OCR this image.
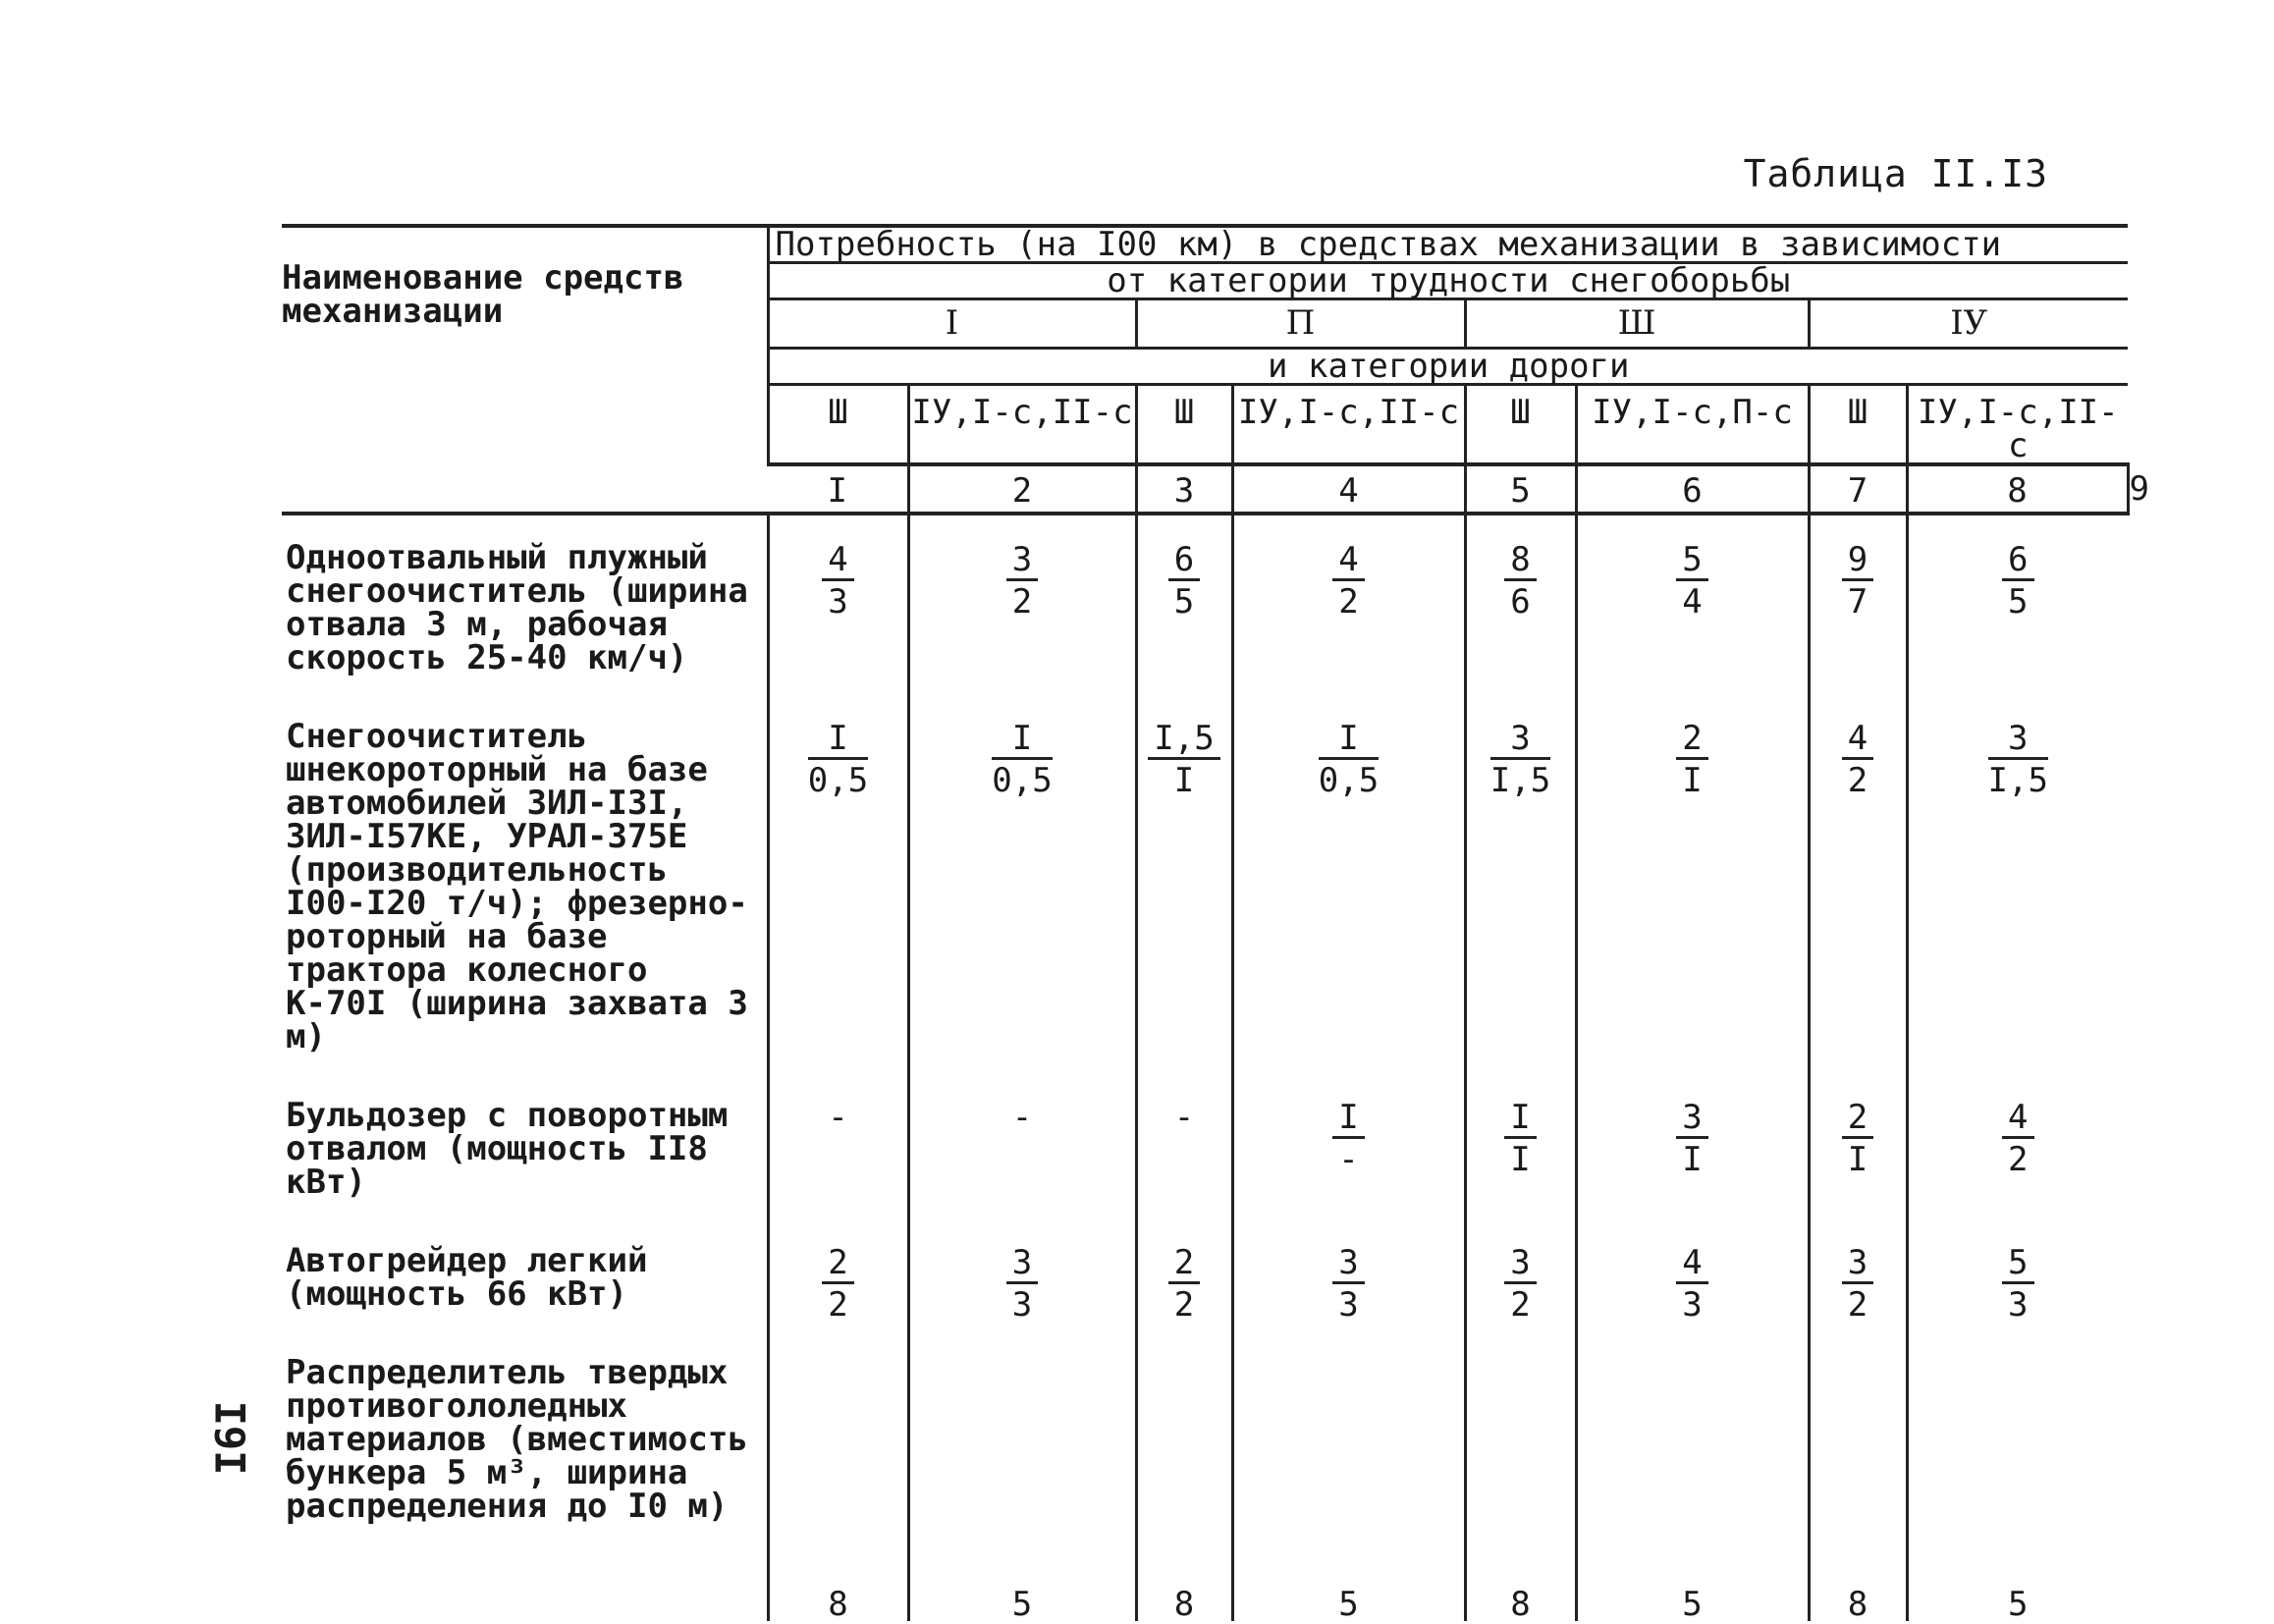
Таблица II.I3
I9I
Наименование средств механизации	Потребность (на I00 км) в средствах механизации в зависимости								
	от категории трудности снегоборьбы								
	I		П		Ш		IУ		
	и категории дороги								
	Ш	IУ,I-с,II-с	Ш	IУ,I-с,II-с	Ш	IУ,I-с,П-с	Ш	IУ,I-с,II-с	
	I	2	3	4	5	6	7	8	9
Одноотвальный плужный снегоочиститель (ширина отвала 3 м, рабочая скорость 25-40 км/ч)	$\frac{4}{3}$	$\frac{3}{2}$	$\frac{6}{5}$	$\frac{4}{2}$	$\frac{8}{6}$	$\frac{5}{4}$	$\frac{9}{7}$	$\frac{6}{5}$

Снегоочиститель шнекороторный на базе автомобилей ЗИЛ-I3I, ЗИЛ-I57КЕ, УРАЛ-375Е (производительность I00-I20 т/ч); фрезерно-роторный на базе трактора колесного К-70I (ширина захвата 3 м)	$\frac{I}{0,5}$	$\frac{I}{0,5}$	$\frac{I,5}{I}$	$\frac{I}{0,5}$	$\frac{3}{I,5}$	$\frac{2}{I}$	$\frac{4}{2}$	$\frac{3}{I,5}$

Бульдозер с поворотным отвалом (мощность II8 кВт)	-	-	-	$\frac{I}{-}$	$\frac{I}{I}$	$\frac{3}{I}$	$\frac{2}{I}$	$\frac{4}{2}$

Автогрейдер легкий (мощность 66 кВт)	$\frac{2}{2}$	$\frac{3}{3}$	$\frac{2}{2}$	$\frac{3}{3}$	$\frac{3}{2}$	$\frac{4}{3}$	$\frac{3}{2}$	$\frac{5}{3}$

Распределитель твердых противогололедных материалов (вместимость бункера 5 м³, ширина распределения до I0 м)	8	5	8	5	8	5	8	5	
